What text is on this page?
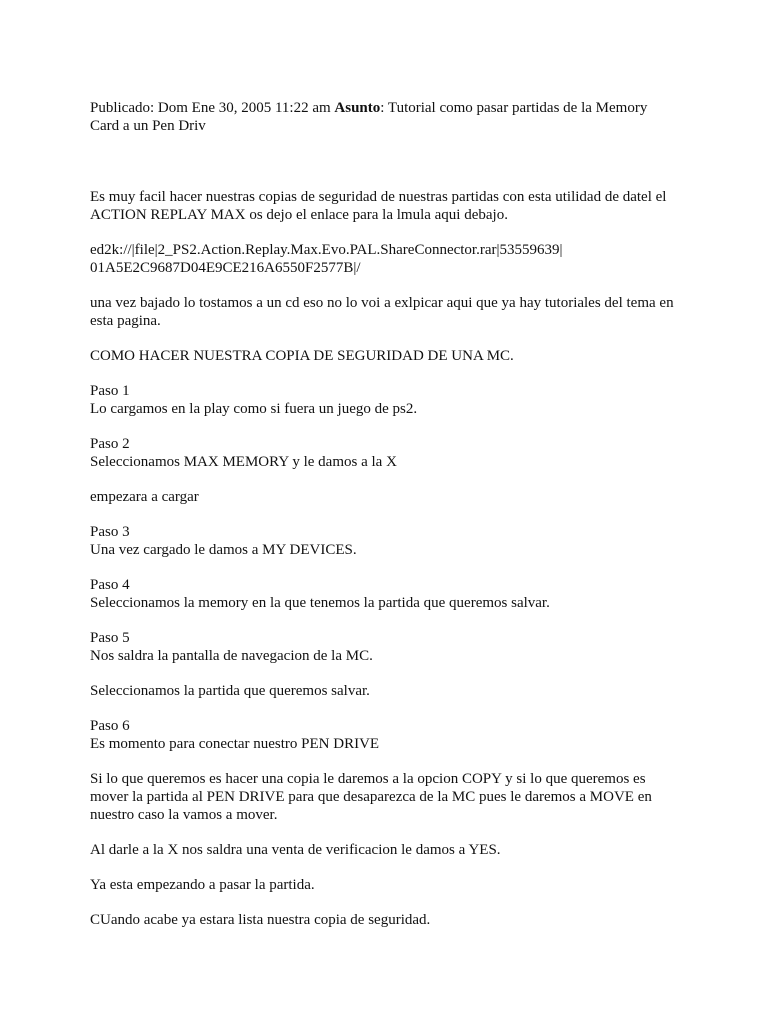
Publicado: Dom Ene 30, 2005 11:22 am Asunto: Tutorial como pasar partidas de la Memory
Card a un Pen Driv

Es muy facil hacer nuestras copias de seguridad de nuestras partidas con esta utilidad de datel el
ACTION REPLAY MAX os dejo el enlace para la lmula aqui debajo.

ed2k://|file|2_PS2.Action.Replay.Max.Evo.PAL.ShareConnector.rar|53559639|
01A5E2C9687D04E9CE216A6550F2577B|/

una vez bajado lo tostamos a un cd eso no lo voi a exlpicar aqui que ya hay tutoriales del tema en
esta pagina.

COMO HACER NUESTRA COPIA DE SEGURIDAD DE UNA MC.

Paso 1
Lo cargamos en la play como si fuera un juego de ps2.

Paso 2
Seleccionamos MAX MEMORY y le damos a la X

empezara a cargar

Paso 3
Una vez cargado le damos a MY DEVICES.

Paso 4
Seleccionamos la memory en la que tenemos la partida que queremos salvar.

Paso 5
Nos saldra la pantalla de navegacion de la MC.

Seleccionamos la partida que queremos salvar.

Paso 6
Es momento para conectar nuestro PEN DRIVE

Si lo que queremos es hacer una copia le daremos a la opcion COPY y si lo que queremos es
mover la partida al PEN DRIVE para que desaparezca de la MC pues le daremos a MOVE en
nuestro caso la vamos a mover.

Al darle a la X nos saldra una venta de verificacion le damos a YES.

Ya esta empezando a pasar la partida.

CUando acabe ya estara lista nuestra copia de seguridad.
